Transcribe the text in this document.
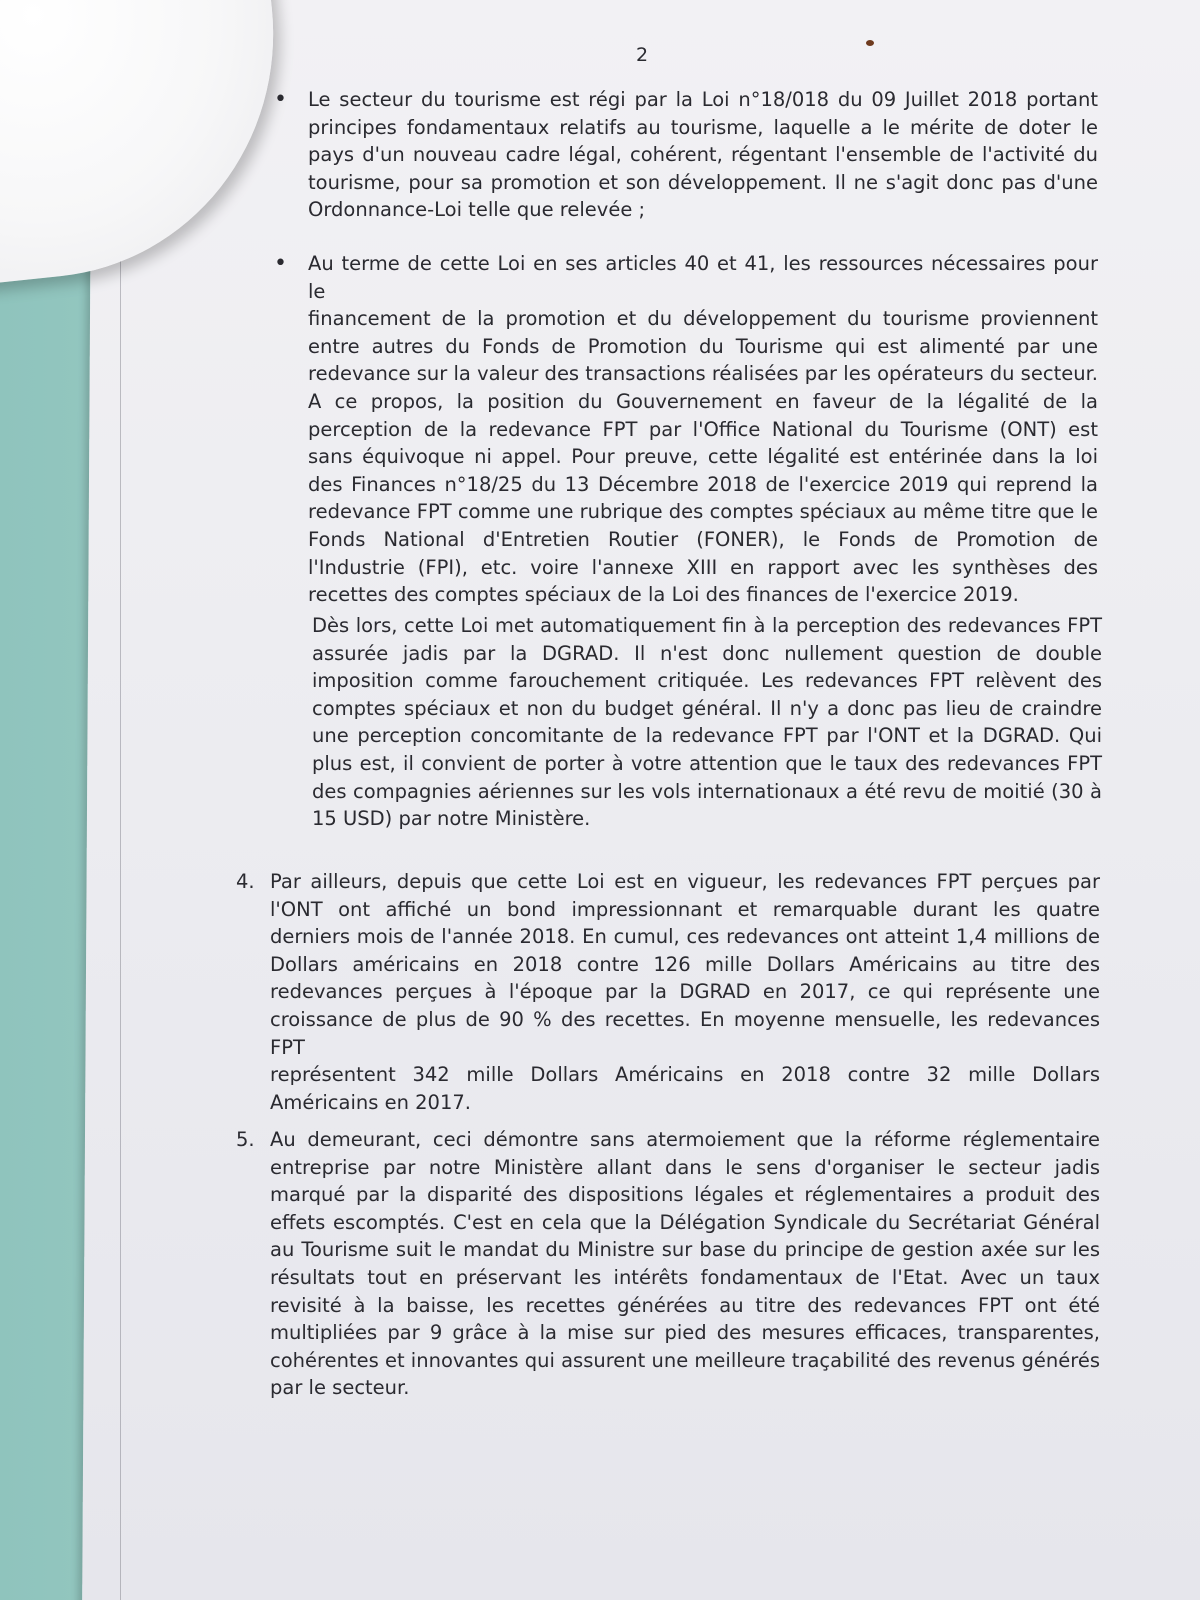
2
• Le secteur du tourisme est régi par la Loi n°18/018 du 09 Juillet 2018 portant
principes fondamentaux relatifs au tourisme, laquelle a le mérite de doter le
pays d'un nouveau cadre légal, cohérent, régentant l'ensemble de l'activité du
tourisme, pour sa promotion et son développement. Il ne s'agit donc pas d'une
Ordonnance-Loi telle que relevée ;
• Au terme de cette Loi en ses articles 40 et 41, les ressources nécessaires pour le
financement de la promotion et du développement du tourisme proviennent
entre autres du Fonds de Promotion du Tourisme qui est alimenté par une
redevance sur la valeur des transactions réalisées par les opérateurs du secteur.
A ce propos, la position du Gouvernement en faveur de la légalité de la
perception de la redevance FPT par l'Office National du Tourisme (ONT) est
sans équivoque ni appel. Pour preuve, cette légalité est entérinée dans la loi
des Finances n°18/25 du 13 Décembre 2018 de l'exercice 2019 qui reprend la
redevance FPT comme une rubrique des comptes spéciaux au même titre que le
Fonds National d'Entretien Routier (FONER), le Fonds de Promotion de
l'Industrie (FPI), etc. voire l'annexe XIII en rapport avec les synthèses des
recettes des comptes spéciaux de la Loi des finances de l'exercice 2019.
Dès lors, cette Loi met automatiquement fin à la perception des redevances FPT
assurée jadis par la DGRAD. Il n'est donc nullement question de double
imposition comme farouchement critiquée. Les redevances FPT relèvent des
comptes spéciaux et non du budget général. Il n'y a donc pas lieu de craindre
une perception concomitante de la redevance FPT par l'ONT et la DGRAD. Qui
plus est, il convient de porter à votre attention que le taux des redevances FPT
des compagnies aériennes sur les vols internationaux a été revu de moitié (30 à
15 USD) par notre Ministère.
4. Par ailleurs, depuis que cette Loi est en vigueur, les redevances FPT perçues par
l'ONT ont affiché un bond impressionnant et remarquable durant les quatre
derniers mois de l'année 2018. En cumul, ces redevances ont atteint 1,4 millions de
Dollars américains en 2018 contre 126 mille Dollars Américains au titre des
redevances perçues à l'époque par la DGRAD en 2017, ce qui représente une
croissance de plus de 90 % des recettes. En moyenne mensuelle, les redevances FPT
représentent 342 mille Dollars Américains en 2018 contre 32 mille Dollars
Américains en 2017.
5. Au demeurant, ceci démontre sans atermoiement que la réforme réglementaire
entreprise par notre Ministère allant dans le sens d'organiser le secteur jadis
marqué par la disparité des dispositions légales et réglementaires a produit des
effets escomptés. C'est en cela que la Délégation Syndicale du Secrétariat Général
au Tourisme suit le mandat du Ministre sur base du principe de gestion axée sur les
résultats tout en préservant les intérêts fondamentaux de l'Etat. Avec un taux
revisité à la baisse, les recettes générées au titre des redevances FPT ont été
multipliées par 9 grâce à la mise sur pied des mesures efficaces, transparentes,
cohérentes et innovantes qui assurent une meilleure traçabilité des revenus générés
par le secteur.
